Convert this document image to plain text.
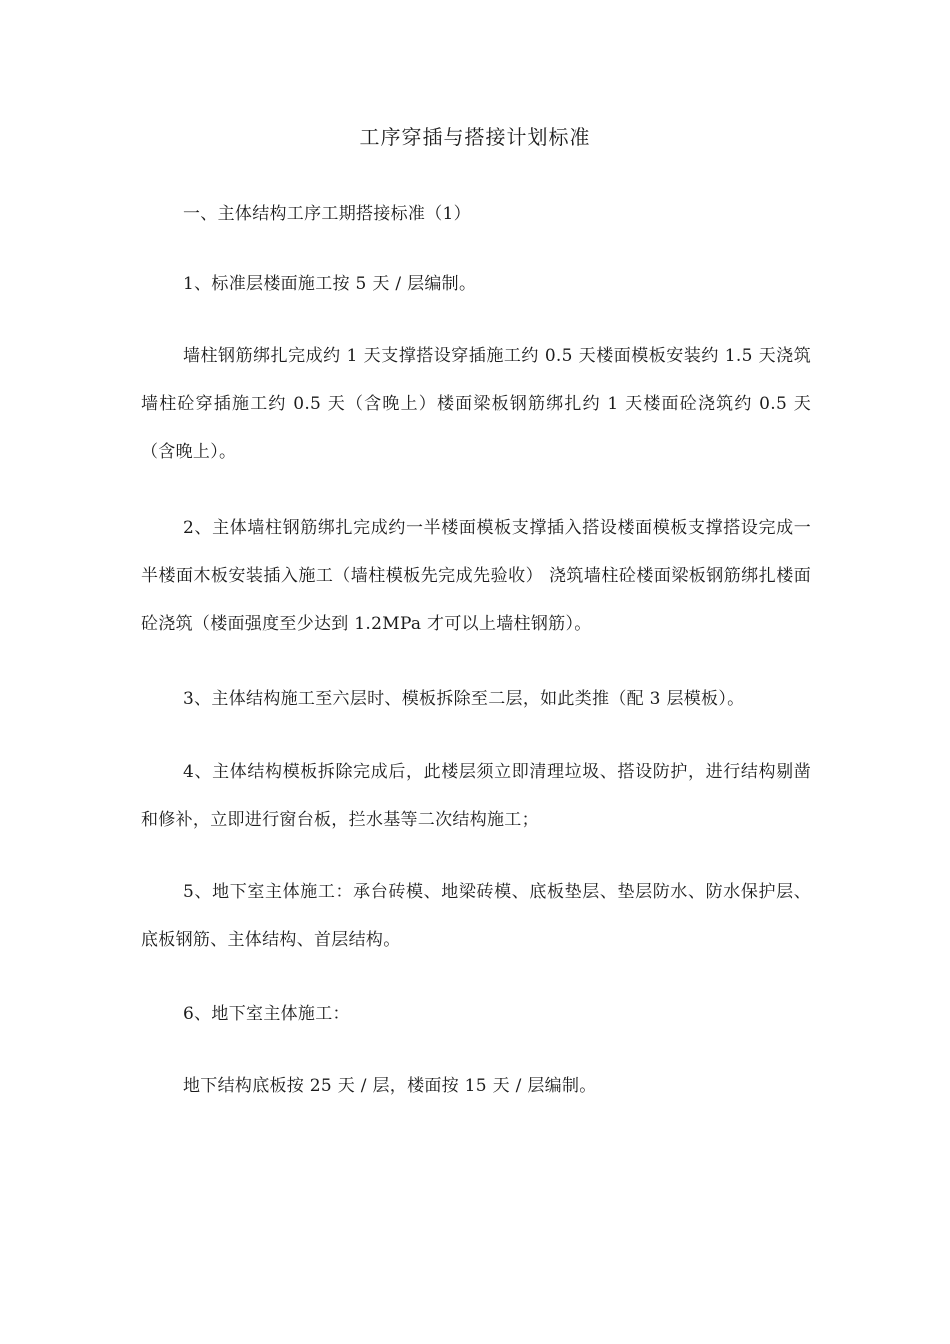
工序穿插与搭接计划标准

一、主体结构工序工期搭接标准（1）

1、标准层楼面施工按 5 天 / 层编制。

墙柱钢筋绑扎完成约 1 天支撑搭设穿插施工约 0.5 天楼面模板安装约 1.5 天浇筑墙柱砼穿插施工约 0.5 天（含晚上）楼面梁板钢筋绑扎约 1 天楼面砼浇筑约 0.5 天（含晚上）。

2、主体墙柱钢筋绑扎完成约一半楼面模板支撑插入搭设楼面模板支撑搭设完成一半楼面木板安装插入施工（墙柱模板先完成先验收） 浇筑墙柱砼楼面梁板钢筋绑扎楼面砼浇筑（楼面强度至少达到 1.2MPa 才可以上墙柱钢筋）。

3、主体结构施工至六层时、模板拆除至二层，如此类推（配 3 层模板）。

4、主体结构模板拆除完成后，此楼层须立即清理垃圾、搭设防护，进行结构剔凿和修补，立即进行窗台板，拦水基等二次结构施工；

5、地下室主体施工：承台砖模、地梁砖模、底板垫层、垫层防水、防水保护层、底板钢筋、主体结构、首层结构。

6、地下室主体施工：

地下结构底板按 25 天 / 层，楼面按 15 天 / 层编制。
